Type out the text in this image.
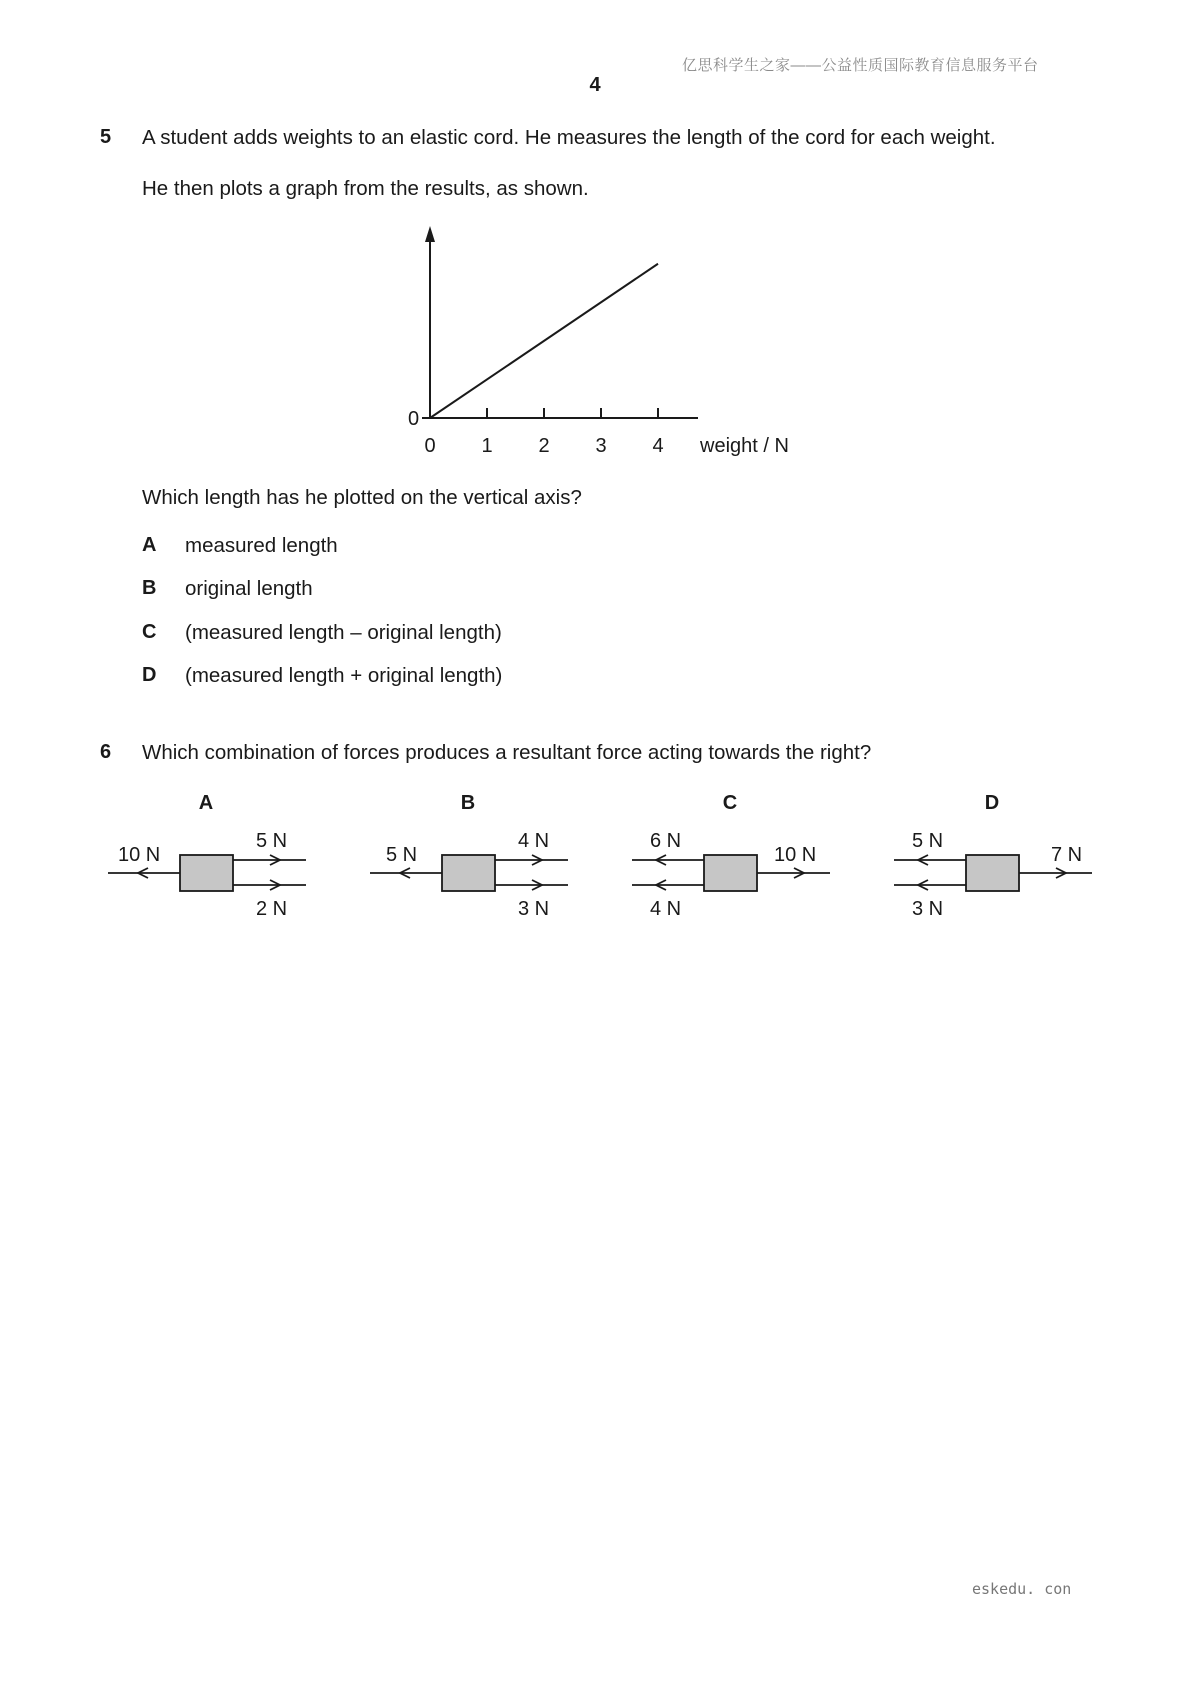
亿思科学生之家——公益性质国际教育信息服务平台
4
5 A student adds weights to an elastic cord. He measures the length of the cord for each weight.
He then plots a graph from the results, as shown.
0
0 1 2 3 4 weight / N
Which length has he plotted on the vertical axis?
A measured length
B original length
C (measured length – original length)
D (measured length + original length)
6 Which combination of forces produces a resultant force acting towards the right?
A
10 N
5 N
2 N
B
5 N
4 N
3 N
C
6 N
4 N
10 N
D
5 N
3 N
7 N
eskedu. con
